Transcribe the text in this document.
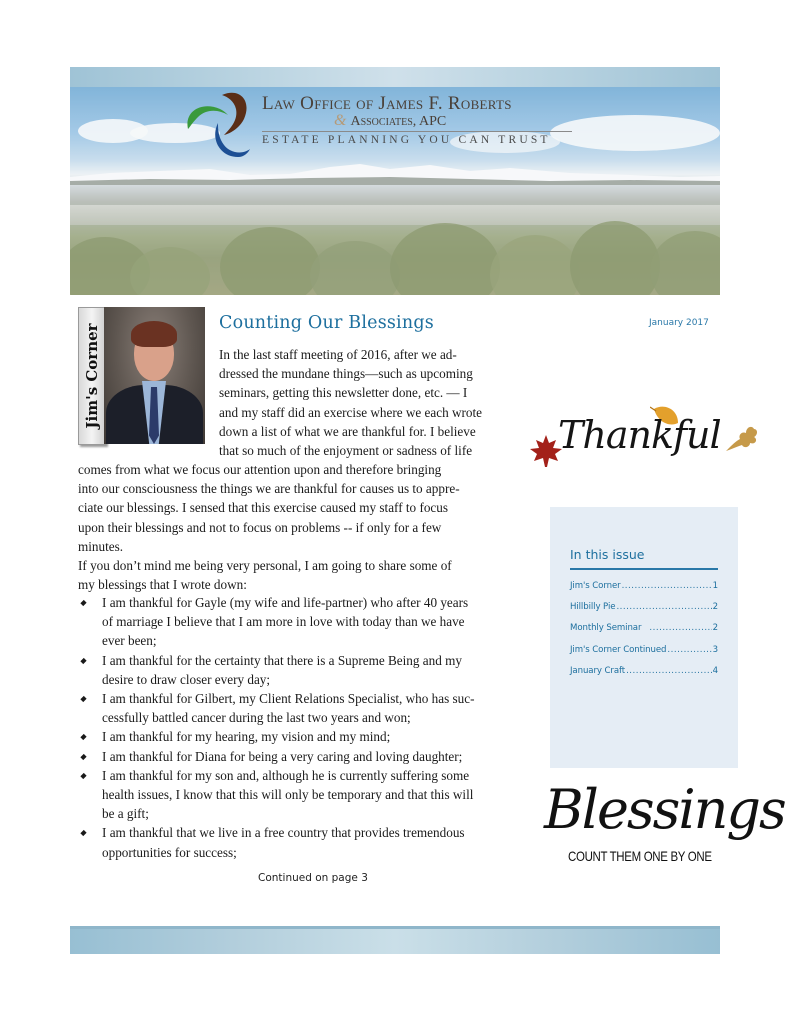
Law Office of James F. Roberts
& Associates, APC
ESTATE PLANNING YOU CAN TRUST
Jim's Corner
Counting Our Blessings	January 2017
In the last staff meeting of 2016, after we ad-
dressed the mundane things—such as upcoming
seminars, getting this newsletter done, etc. — I
and my staff did an exercise where we each wrote
down a list of what we are thankful for. I believe
that so much of the enjoyment or sadness of life
comes from what we focus our attention upon and therefore bringing
into our consciousness the things we are thankful for causes us to appre-
ciate our blessings. I sensed that this exercise caused my staff to focus
upon their blessings and not to focus on problems -- if only for a few
minutes.
If you don’t mind me being very personal, I am going to share some of
my blessings that I wrote down:
I am thankful for Gayle (my wife and life-partner) who after 40 years
of marriage I believe that I am more in love with today than we have
ever been;
I am thankful for the certainty that there is a Supreme Being and my
desire to draw closer every day;
I am thankful for Gilbert, my Client Relations Specialist, who has suc-
cessfully battled cancer during the last two years and won;
I am thankful for my hearing, my vision and my mind;
I am thankful for Diana for being a very caring and loving daughter;
I am thankful for my son and, although he is currently suffering some
health issues, I know that this will only be temporary and that this will
be a gift;
I am thankful that we live in a free country that provides tremendous
opportunities for success;
Continued on page 3
Thankful
In this issue
Jim's Corner .....	1
Hillbilly Pie .....	2
Monthly Seminar .....	2
Jim's Corner Continued .....	3
January Craft .....	4
Blessings
COUNT THEM ONE BY ONE
